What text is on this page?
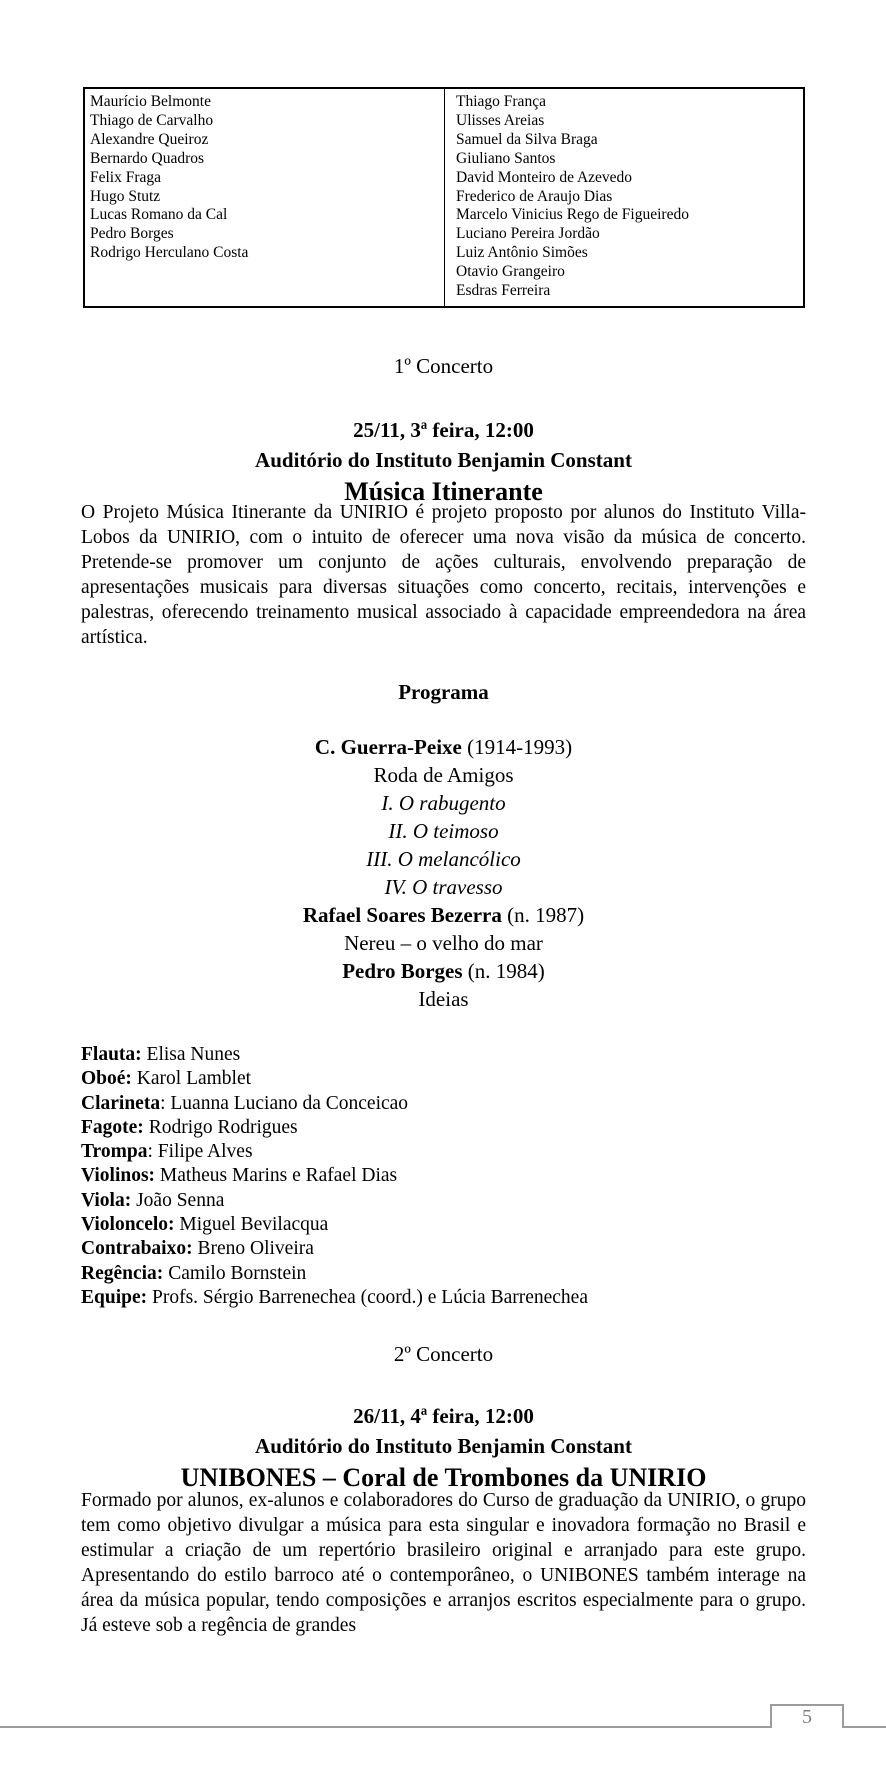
Maurício Belmonte
Thiago de Carvalho
Alexandre Queiroz
Bernardo Quadros
Felix Fraga
Hugo Stutz
Lucas Romano da Cal
Pedro Borges
Rodrigo Herculano Costa
Thiago França
Ulisses Areias
Samuel da Silva Braga
Giuliano Santos
David Monteiro de Azevedo
Frederico de Araujo Dias
Marcelo Vinicius Rego de Figueiredo
Luciano Pereira Jordão
Luiz Antônio Simões
Otavio Grangeiro
Esdras Ferreira
1º Concerto
25/11, 3ª feira, 12:00
Auditório do Instituto Benjamin Constant
Música Itinerante

O Projeto Música Itinerante da UNIRIO é projeto proposto por alunos do Instituto Villa-Lobos da UNIRIO, com o intuito de oferecer uma nova visão da música de concerto. Pretende-se promover um conjunto de ações culturais, envolvendo preparação de apresentações musicais para diversas situações como concerto, recitais, intervenções e palestras, oferecendo treinamento musical associado à capacidade empreendedora na área artística.

Programa
C. Guerra-Peixe (1914-1993)
Roda de Amigos
I. O rabugento
II. O teimoso
III. O melancólico
IV. O travesso
Rafael Soares Bezerra (n. 1987)
Nereu – o velho do mar
Pedro Borges (n. 1984)
Ideias
Flauta: Elisa Nunes
Oboé: Karol Lamblet
Clarineta: Luanna Luciano da Conceicao
Fagote: Rodrigo Rodrigues
Trompa: Filipe Alves
Violinos: Matheus Marins e Rafael Dias
Viola: João Senna
Violoncelo: Miguel Bevilacqua
Contrabaixo: Breno Oliveira
Regência: Camilo Bornstein
Equipe: Profs. Sérgio Barrenechea (coord.) e Lúcia Barrenechea
2º Concerto
26/11, 4ª feira, 12:00
Auditório do Instituto Benjamin Constant
UNIBONES – Coral de Trombones da UNIRIO

Formado por alunos, ex-alunos e colaboradores do Curso de graduação da UNIRIO, o grupo tem como objetivo divulgar a música para esta singular e inovadora formação no Brasil e estimular a criação de um repertório brasileiro original e arranjado para este grupo. Apresentando do estilo barroco até o contemporâneo, o UNIBONES também interage na área da música popular, tendo composições e arranjos escritos especialmente para o grupo. Já esteve sob a regência de grandes

5
